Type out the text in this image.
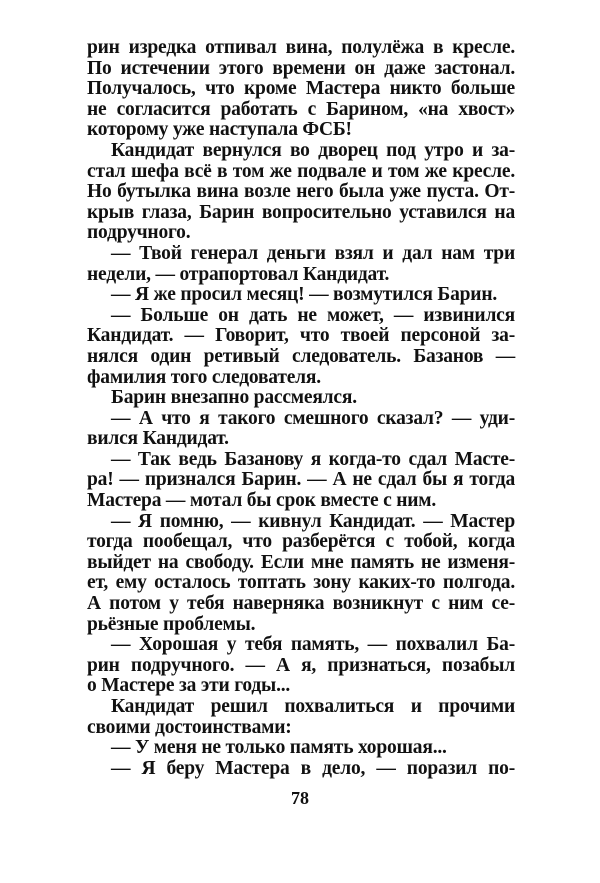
рин изредка отпивал вина, полулёжа в кресле.
По истечении этого времени он даже застонал.
Получалось, что кроме Мастера никто больше
не согласится работать с Барином, «на хвост»
которому уже наступала ФСБ!
Кандидат вернулся во дворец под утро и за-
стал шефа всё в том же подвале и том же кресле.
Но бутылка вина возле него была уже пуста. От-
крыв глаза, Барин вопросительно уставился на
подручного.
— Твой генерал деньги взял и дал нам три
недели, — отрапортовал Кандидат.
— Я же просил месяц! — возмутился Барин.
— Больше он дать не может, — извинился
Кандидат. — Говорит, что твоей персоной за-
нялся один ретивый следователь. Базанов —
фамилия того следователя.
Барин внезапно рассмеялся.
— А что я такого смешного сказал? — уди-
вился Кандидат.
— Так ведь Базанову я когда-то сдал Масте-
ра! — признался Барин. — А не сдал бы я тогда
Мастера — мотал бы срок вместе с ним.
— Я помню, — кивнул Кандидат. — Мастер
тогда пообещал, что разберётся с тобой, когда
выйдет на свободу. Если мне память не изменя-
ет, ему осталось топтать зону каких-то полгода.
А потом у тебя наверняка возникнут с ним се-
рьёзные проблемы.
— Хорошая у тебя память, — похвалил Ба-
рин подручного. — А я, признаться, позабыл
о Мастере за эти годы...
Кандидат решил похвалиться и прочими
своими достоинствами:
— У меня не только память хорошая...
— Я беру Мастера в дело, — поразил по-
78
